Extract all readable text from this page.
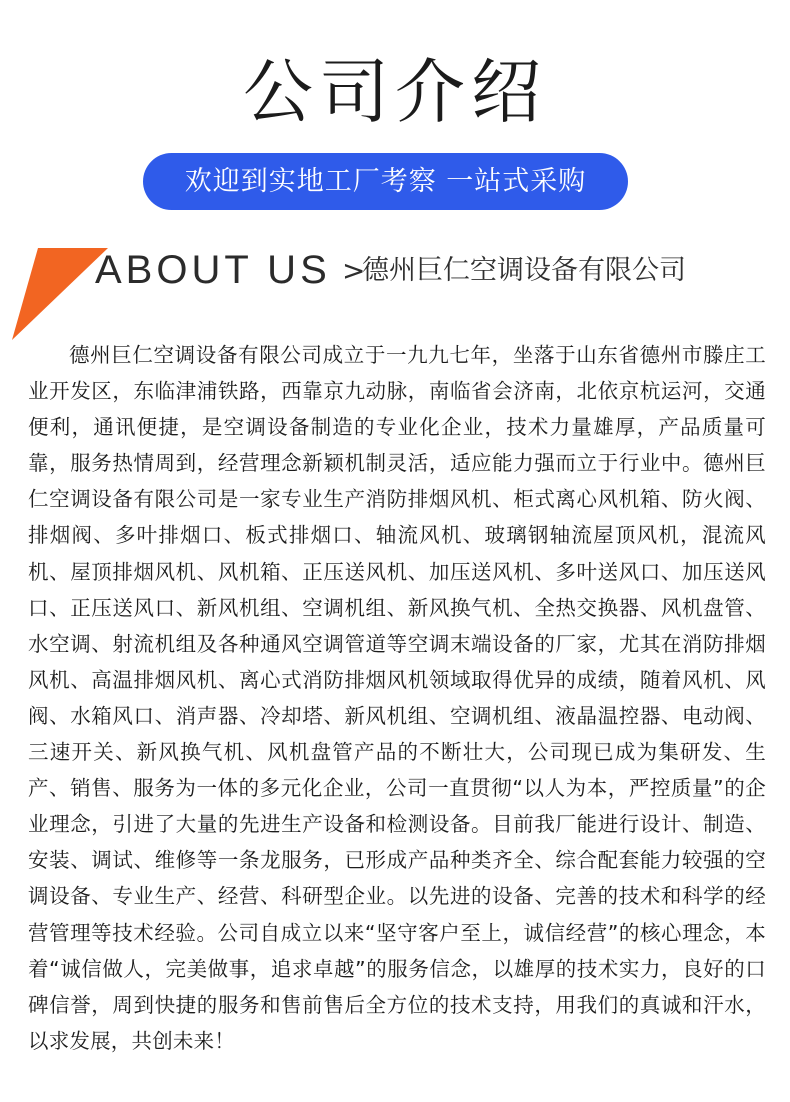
公司介绍
欢迎到实地工厂考察 一站式采购
ABOUT US >
德州巨仁空调设备有限公司

德州巨仁空调设备有限公司成立于一九九七年，坐落于山东省德州市滕庄工业开发区，东临津浦铁路，西靠京九动脉，南临省会济南，北依京杭运河，交通便利，通讯便捷，是空调设备制造的专业化企业，技术力量雄厚，产品质量可靠，服务热情周到，经营理念新颖机制灵活，适应能力强而立于行业中。德州巨仁空调设备有限公司是一家专业生产消防排烟风机、柜式离心风机箱、防火阀、排烟阀、多叶排烟口、板式排烟口、轴流风机、玻璃钢轴流屋顶风机，混流风机、屋顶排烟风机、风机箱、正压送风机、加压送风机、多叶送风口、加压送风口、正压送风口、新风机组、空调机组、新风换气机、全热交换器、风机盘管、水空调、射流机组及各种通风空调管道等空调末端设备的厂家，尤其在消防排烟风机、高温排烟风机、离心式消防排烟风机领域取得优异的成绩，随着风机、风阀、水箱风口、消声器、冷却塔、新风机组、空调机组、液晶温控器、电动阀、三速开关、新风换气机、风机盘管产品的不断壮大，公司现已成为集研发、生产、销售、服务为一体的多元化企业，公司一直贯彻“以人为本，严控质量”的企业理念，引进了大量的先进生产设备和检测设备。目前我厂能进行设计、制造、安装、调试、维修等一条龙服务，已形成产品种类齐全、综合配套能力较强的空调设备、专业生产、经营、科研型企业。以先进的设备、完善的技术和科学的经营管理等技术经验。公司自成立以来“坚守客户至上，诚信经营”的核心理念，本着“诚信做人，完美做事，追求卓越”的服务信念，以雄厚的技术实力，良好的口碑信誉，周到快捷的服务和售前售后全方位的技术支持，用我们的真诚和汗水，以求发展，共创未来！
